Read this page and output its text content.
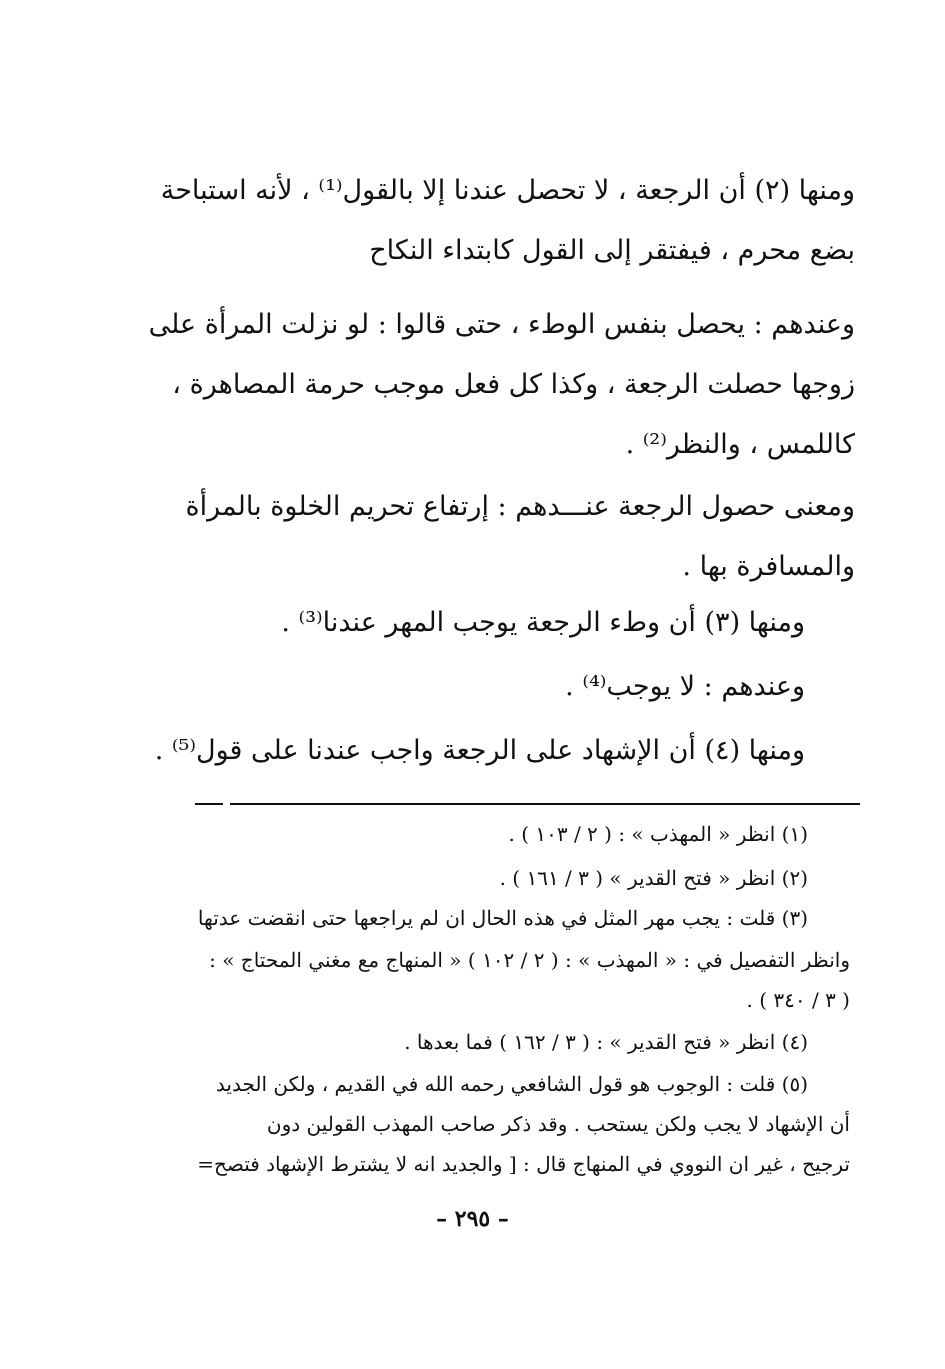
ومنها (٢) أن الرجعة ، لا تحصل عندنا إلا بالقول⁽¹⁾ ، لأنه استباحة
بضع محرم ، فيفتقر إلى القول كابتداء النكاح
وعندهم : يحصل بنفس الوطء ، حتى قالوا : لو نزلت المرأة على
زوجها حصلت الرجعة ، وكذا كل فعل موجب حرمة المصاهرة ،
كاللمس ، والنظر⁽²⁾ .
ومعنى حصول الرجعة عنـــدهم : إرتفاع تحريم الخلوة بالمرأة
والمسافرة بها .
ومنها (٣) أن وطء الرجعة يوجب المهر عندنا⁽³⁾ .
وعندهم : لا يوجب⁽⁴⁾ .
ومنها (٤) أن الإشهاد على الرجعة واجب عندنا على قول⁽⁵⁾ .
(١) انظر « المهذب » : ( ٢ / ١٠٣ ) .
(٢) انظر « فتح القدير » ( ٣ / ١٦١ ) .
(٣) قلت : يجب مهر المثل في هذه الحال ان لم يراجعها حتى انقضت عدتها
وانظر التفصيل في : « المهذب » : ( ٢ / ١٠٢ ) « المنهاج مع مغني المحتاج » :
( ٣ / ٣٤٠ ) .
(٤) انظر « فتح القدير » : ( ٣ / ١٦٢ ) فما بعدها .
(٥) قلت : الوجوب هو قول الشافعي رحمه الله في القديم ، ولكن الجديد
أن الإشهاد لا يجب ولكن يستحب . وقد ذكر صاحب المهذب القولين دون
ترجيح ، غير ان النووي في المنهاج قال : [ والجديد انه لا يشترط الإشهاد فتصح=
– ٢٩٥ –
